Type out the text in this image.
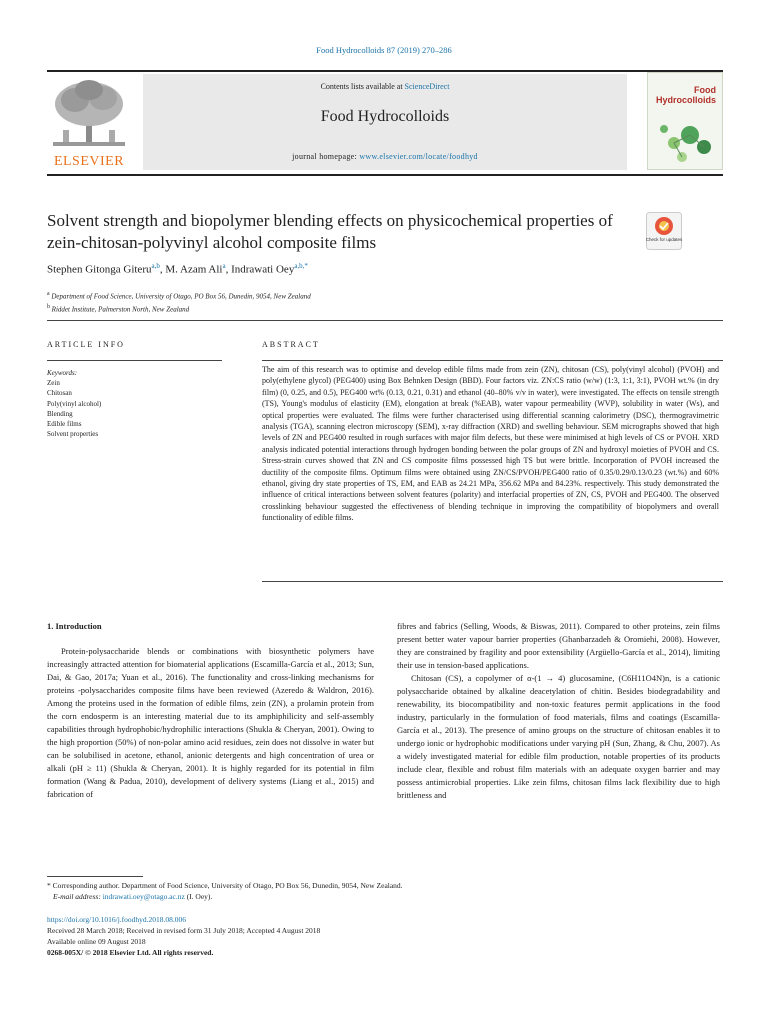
Food Hydrocolloids 87 (2019) 270–286
ELSEVIER
Contents lists available at ScienceDirect
Food Hydrocolloids
journal homepage: www.elsevier.com/locate/foodhyd
Food Hydrocolloids
Solvent strength and biopolymer blending effects on physicochemical properties of zein-chitosan-polyvinyl alcohol composite films	Check for updates
Stephen Gitonga Giteru$^{a,b}$, M. Azam Ali$^a$, Indrawati Oey$^{a,b,*}$
$^a$ Department of Food Science, University of Otago, PO Box 56, Dunedin, 9054, New Zealand
$^b$ Riddet Institute, Palmerston North, New Zealand
ARTICLE INFO
Keywords:
Zein
Chitosan
Poly(vinyl alcohol)
Blending
Edible films
Solvent properties
ABSTRACT
The aim of this research was to optimise and develop edible films made from zein (ZN), chitosan (CS), poly(vinyl alcohol) (PVOH) and poly(ethylene glycol) (PEG400) using Box Behnken Design (BBD). Four factors viz. ZN:CS ratio (w/w) (1:3, 1:1, 3:1), PVOH wt.% (in dry film) (0, 0.25, and 0.5), PEG400 wt% (0.13, 0.21, 0.31) and ethanol (40–80% v/v in water), were investigated. The effects on tensile strength (TS), Young's modulus of elasticity (EM), elongation at break (%EAB), water vapour permeability (WVP), solubility in water (Ws), and optical properties were evaluated. The films were further characterised using differential scanning calorimetry (DSC), thermogravimetric analysis (TGA), scanning electron microscopy (SEM), x-ray diffraction (XRD) and swelling behaviour. SEM micrographs showed that high levels of ZN and PEG400 resulted in rough surfaces with major film defects, but these were minimised at high levels of CS or PVOH. XRD analysis indicated potential interactions through hydrogen bonding between the polar groups of ZN and hydroxyl moieties of PVOH and CS. Stress-strain curves showed that ZN and CS composite films possessed high TS but were brittle. Incorporation of PVOH increased the ductility of the composite films. Optimum films were obtained using ZN/CS/PVOH/PEG400 ratio of 0.35/0.29/0.13/0.23 (wt.%) and 60% ethanol, giving dry state properties of TS, EM, and EAB as 24.21 MPa, 356.62 MPa and 84.23%. respectively. This study demonstrated the influence of critical interactions between solvent features (polarity) and interfacial properties of ZN, CS, PVOH and PEG400. The observed crosslinking behaviour suggested the effectiveness of blending technique in improving the compatibility of biopolymers and overall functionality of edible films.
1. Introduction

Protein-polysaccharide blends or combinations with biosynthetic polymers have increasingly attracted attention for biomaterial applications (Escamilla-García et al., 2013; Sun, Dai, & Gao, 2017a; Yuan et al., 2016). The functionality and cross-linking mechanisms for proteins -polysaccharides composite films have been reviewed (Azeredo & Waldron, 2016). Among the proteins used in the formation of edible films, zein (ZN), a prolamin protein from the corn endosperm is an interesting material due to its amphiphilicity and self-assembly capabilities through hydrophobic/hydrophilic interactions (Shukla & Cheryan, 2001). Owing to the high proportion (50%) of non-polar amino acid residues, zein does not dissolve in water but can be solubilised in acetone, ethanol, anionic detergents and high concentration of urea or alkali (pH ≥ 11) (Shukla & Cheryan, 2001). It is highly regarded for its potential in film formation (Wang & Padua, 2010), development of delivery systems (Liang et al., 2015) and fabrication of

fibres and fabrics (Selling, Woods, & Biswas, 2011). Compared to other proteins, zein films present better water vapour barrier properties (Ghanbarzadeh & Oromiehi, 2008). However, they are constrained by fragility and poor extensibility (Argüello-García et al., 2014), limiting their use in tension-based applications.

Chitosan (CS), a copolymer of α-(1 → 4) glucosamine, (C6H11O4N)n, is a cationic polysaccharide obtained by alkaline deacetylation of chitin. Besides biodegradability and renewability, its biocompatibility and non-toxic features permit applications in the food industry, particularly in the formulation of food materials, films and coatings (Escamilla-García et al., 2013). The presence of amino groups on the structure of chitosan enables it to undergo ionic or hydrophobic modifications under varying pH (Sun, Zhang, & Chu, 2007). As a widely investigated material for edible film production, notable properties of its products include clear, flexible and robust film materials with an adequate oxygen barrier and may possess antimicrobial properties. Like zein films, chitosan films lack flexibility due to high brittleness and

* Corresponding author. Department of Food Science, University of Otago, PO Box 56, Dunedin, 9054, New Zealand.
E-mail address: indrawati.oey@otago.ac.nz (I. Oey).
https://doi.org/10.1016/j.foodhyd.2018.08.006
Received 28 March 2018; Received in revised form 31 July 2018; Accepted 4 August 2018
Available online 09 August 2018
0268-005X/ © 2018 Elsevier Ltd. All rights reserved.
